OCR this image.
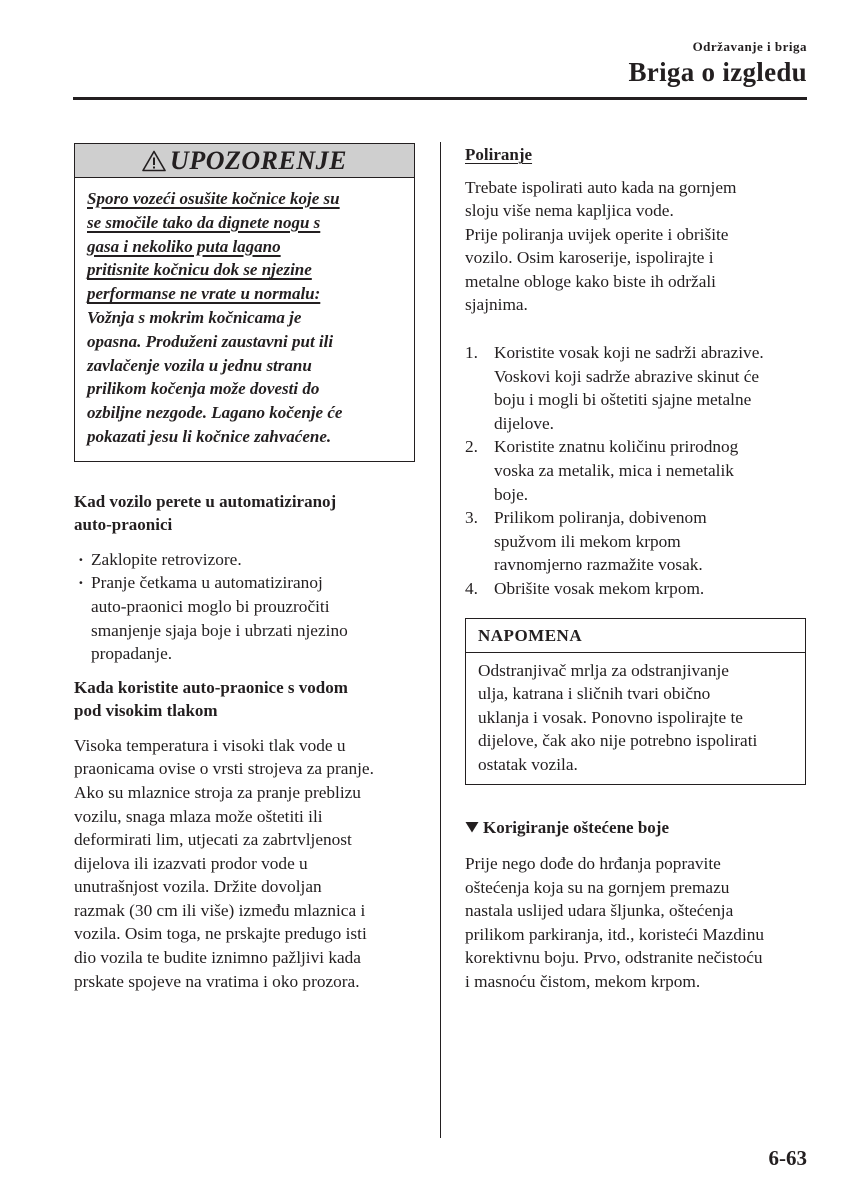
Održavanje i briga
Briga o izgledu
UPOZORENJE
Sporo vozeći osušite kočnice koje su
se smočile tako da dignete nogu s
gasa i nekoliko puta lagano
pritisnite kočnicu dok se njezine
performanse ne vrate u normalu:
Vožnja s mokrim kočnicama je
opasna. Produženi zaustavni put ili
zavlačenje vozila u jednu stranu
prilikom kočenja može dovesti do
ozbiljne nezgode. Lagano kočenje će
pokazati jesu li kočnice zahvaćene.
Kad vozilo perete u automatiziranoj
auto-praonici
· Zaklopite retrovizore.
· Pranje četkama u automatiziranoj
auto-praonici moglo bi prouzročiti
smanjenje sjaja boje i ubrzati njezino
propadanje.
Kada koristite auto-praonice s vodom
pod visokim tlakom
Visoka temperatura i visoki tlak vode u
praonicama ovise o vrsti strojeva za pranje.
Ako su mlaznice stroja za pranje preblizu
vozilu, snaga mlaza može oštetiti ili
deformirati lim, utjecati za zabrtvljenost
dijelova ili izazvati prodor vode u
unutrašnjost vozila. Držite dovoljan
razmak (30 cm ili više) između mlaznica i
vozila. Osim toga, ne prskajte predugo isti
dio vozila te budite iznimno pažljivi kada
prskate spojeve na vratima i oko prozora.
Poliranje
Trebate ispolirati auto kada na gornjem
sloju više nema kapljica vode.
Prije poliranja uvijek operite i obrišite
vozilo. Osim karoserije, ispolirajte i
metalne obloge kako biste ih održali
sjajnima.
1. Koristite vosak koji ne sadrži abrazive.
Voskovi koji sadrže abrazive skinut će
boju i mogli bi oštetiti sjajne metalne
dijelove.
2. Koristite znatnu količinu prirodnog
voska za metalik, mica i nemetalik
boje.
3. Prilikom poliranja, dobivenom
spužvom ili mekom krpom
ravnomjerno razmažite vosak.
4. Obrišite vosak mekom krpom.
NAPOMENA
Odstranjivač mrlja za odstranjivanje
ulja, katrana i sličnih tvari obično
uklanja i vosak. Ponovno ispolirajte te
dijelove, čak ako nije potrebno ispolirati
ostatak vozila.
Korigiranje oštećene boje
Prije nego dođe do hrđanja popravite
oštećenja koja su na gornjem premazu
nastala uslijed udara šljunka, oštećenja
prilikom parkiranja, itd., koristeći Mazdinu
korektivnu boju. Prvo, odstranite nečistoću
i masnoću čistom, mekom krpom.
6-63
